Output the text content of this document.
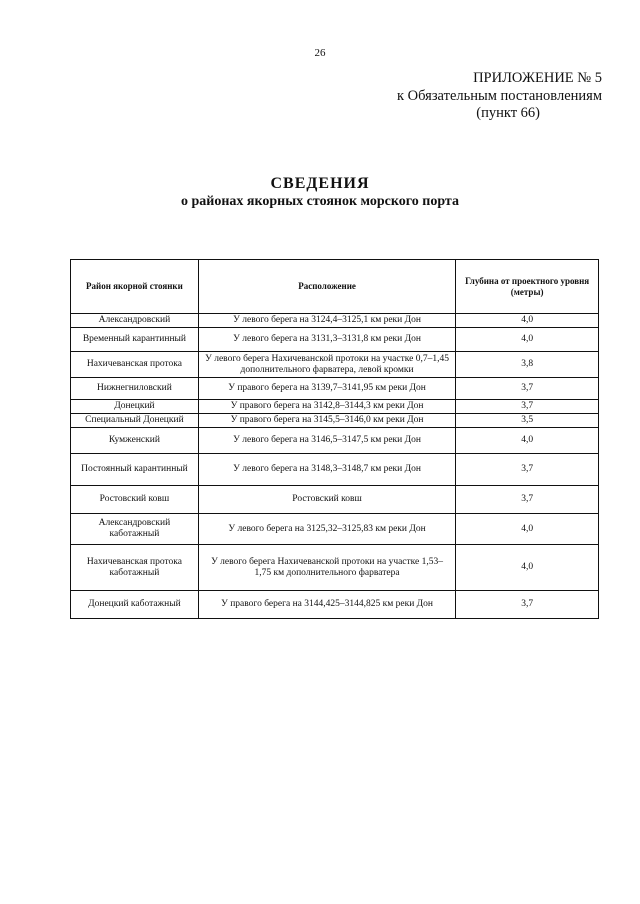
26
ПРИЛОЖЕНИЕ № 5
к Обязательным постановлениям
(пункт 66)
СВЕДЕНИЯ
о районах якорных стоянок морского порта
Район якорной стоянки	Расположение	Глубина от проектного уровня (метры)
Александровский	У левого берега на 3124,4–3125,1 км реки Дон	4,0
Временный карантинный	У левого берега на 3131,3–3131,8 км реки Дон	4,0
Нахичеванская протока	У левого берега Нахичеванской протоки на участке 0,7–1,45 дополнительного фарватера, левой кромки	3,8
Нижнегниловский	У правого берега на 3139,7–3141,95 км реки Дон	3,7
Донецкий	У правого берега на 3142,8–3144,3 км реки Дон	3,7
Специальный Донецкий	У правого берега на 3145,5–3146,0 км реки Дон	3,5
Кумженский	У левого берега на 3146,5–3147,5 км реки Дон	4,0
Постоянный карантинный	У левого берега на 3148,3–3148,7 км реки Дон	3,7
Ростовский ковш	Ростовский ковш	3,7
Александровский каботажный	У левого берега на 3125,32–3125,83 км реки Дон	4,0
Нахичеванская протока каботажный	У левого берега Нахичеванской протоки на участке 1,53–1,75 км дополнительного фарватера	4,0
Донецкий каботажный	У правого берега на 3144,425–3144,825 км реки Дон	3,7
